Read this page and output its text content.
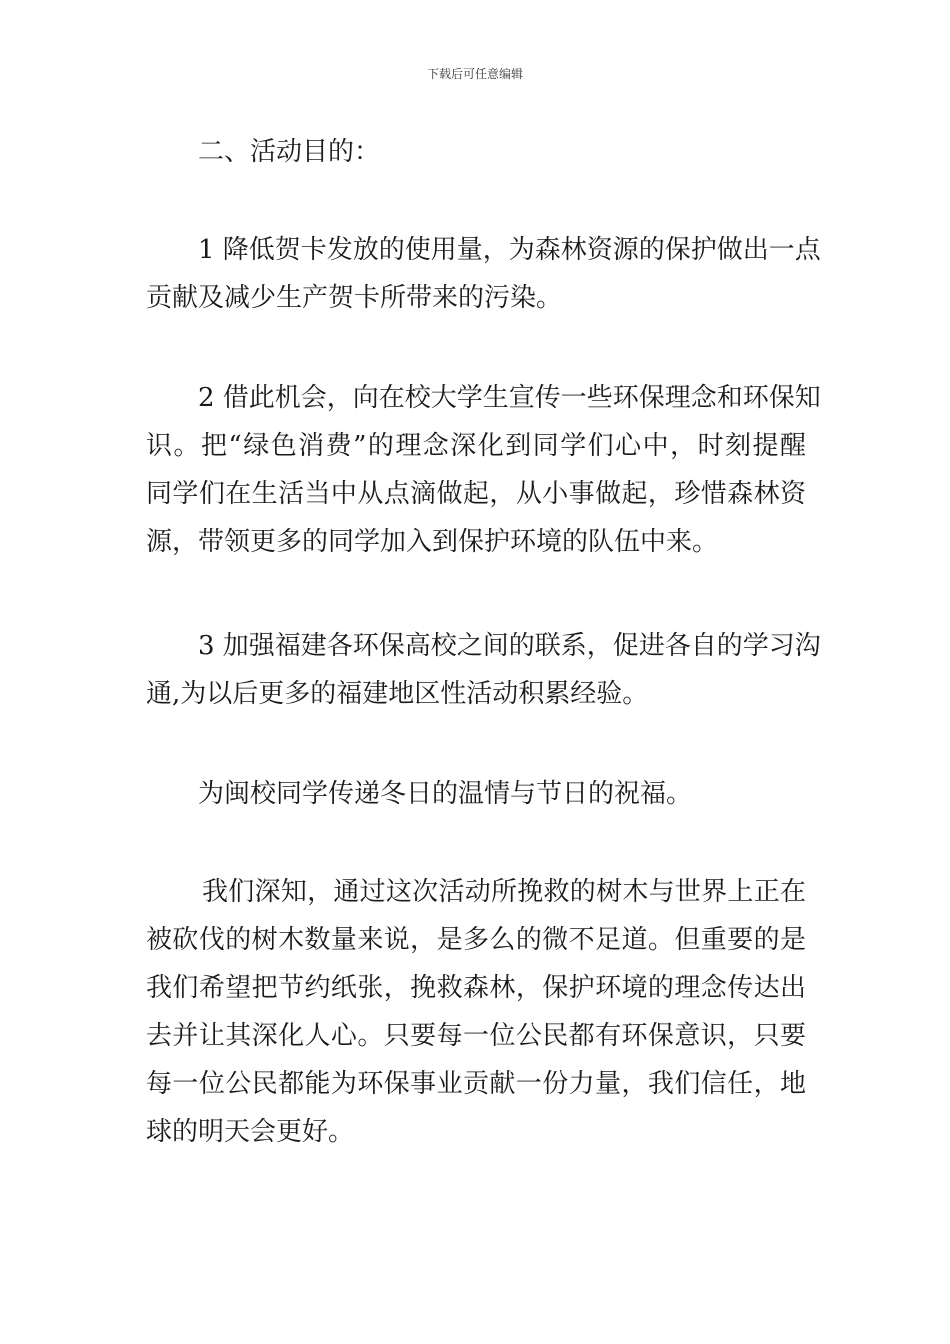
下载后可任意编辑

二、活动目的：

1 降低贺卡发放的使用量，为森林资源的保护做出一点
贡献及减少生产贺卡所带来的污染。

2 借此机会，向在校大学生宣传一些环保理念和环保知
识。把“绿色消费”的理念深化到同学们心中，时刻提醒
同学们在生活当中从点滴做起，从小事做起，珍惜森林资
源，带领更多的同学加入到保护环境的队伍中来。

3 加强福建各环保高校之间的联系，促进各自的学习沟
通,为以后更多的福建地区性活动积累经验。

为闽校同学传递冬日的温情与节日的祝福。

我们深知，通过这次活动所挽救的树木与世界上正在
被砍伐的树木数量来说，是多么的微不足道。但重要的是
我们希望把节约纸张，挽救森林，保护环境的理念传达出
去并让其深化人心。只要每一位公民都有环保意识，只要
每一位公民都能为环保事业贡献一份力量，我们信任，地
球的明天会更好。
